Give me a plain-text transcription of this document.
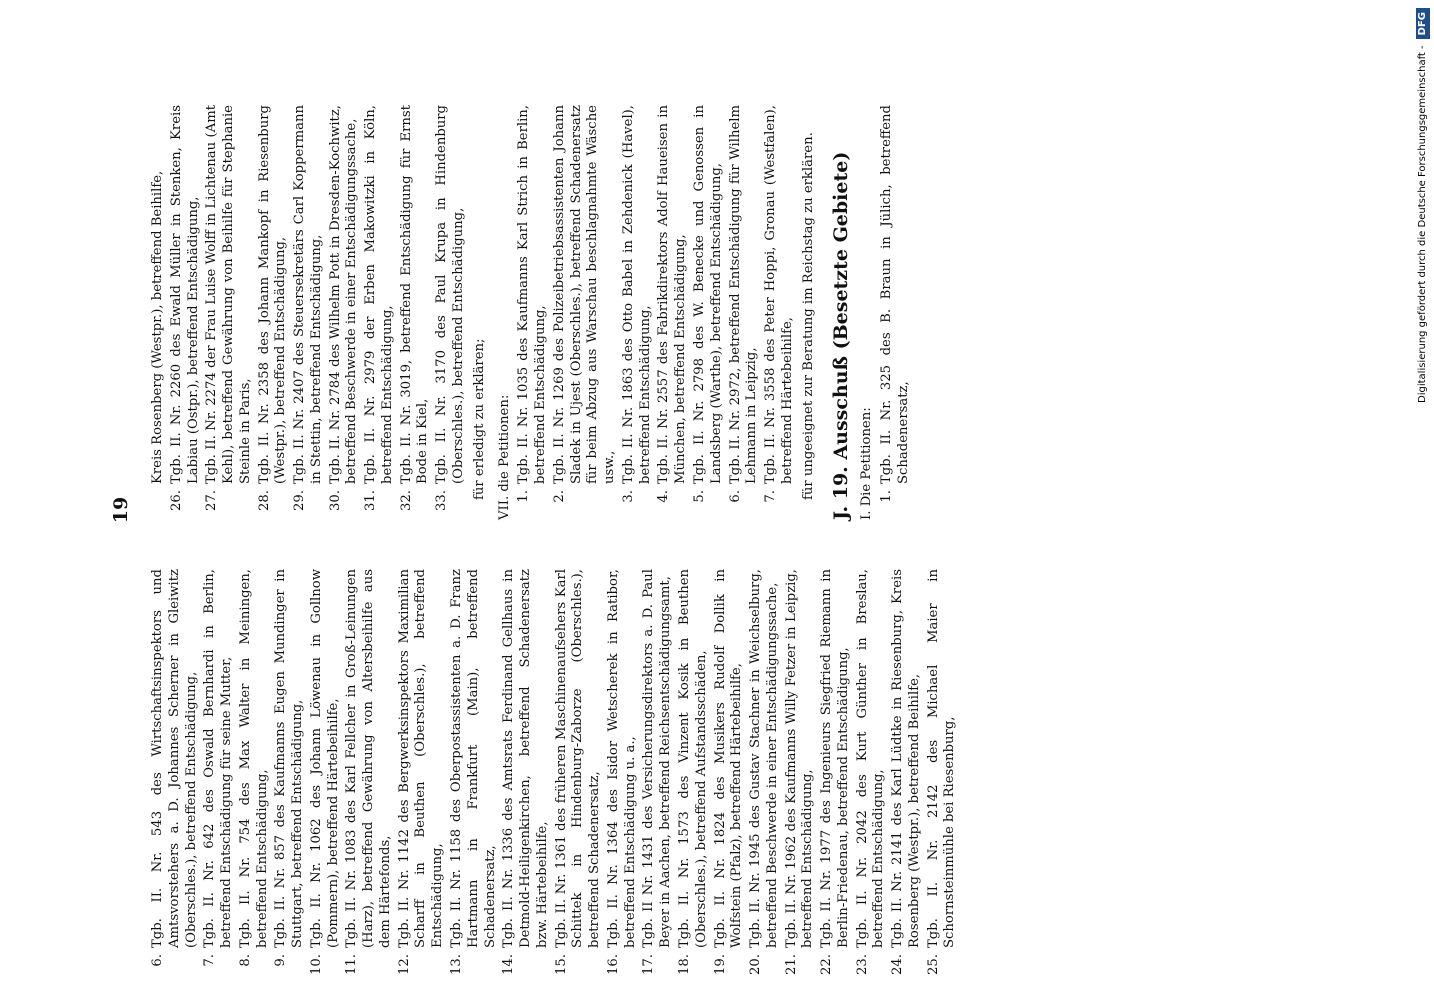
19
6.
Tgb. II. Nr. 543 des Wirtschaftsinspektors und Amtsvorstehers a. D. Johannes Scherner in Gleiwitz (Oberschles.), betreffend Entschädigung,
7.
Tgb. II. Nr. 642 des Oswald Bernhardi in Berlin, betreffend Entschädigung für seine Mutter,
8.
Tgb. II. Nr. 754 des Max Walter in Meiningen, betreffend Entschädigung,
9.
Tgb. II. Nr. 857 des Kaufmanns Eugen Mundinger in Stuttgart, betreffend Entschädigung,
10.
Tgb. II. Nr. 1062 des Johann Löwenau in Gollnow (Pommern), betreffend Härtebeihilfe,
11.
Tgb. II. Nr. 1083 des Karl Fellcher in Groß-Leinungen (Harz), betreffend Gewährung von Altersbeihilfe aus dem Härtefonds,
12.
Tgb. II. Nr. 1142 des Bergwerksinspektors Maximilian Scharff in Beuthen (Oberschles.), betreffend Entschädigung,
13.
Tgb. II. Nr. 1158 des Oberpostassistenten a. D. Franz Hartmann in Frankfurt (Main), betreffend Schadenersatz,
14.
Tgb. II. Nr. 1336 des Amtsrats Ferdinand Gellhaus in Detmold-Heiligenkirchen, betreffend Schadenersatz bzw. Härtebeihilfe,
15.
Tgb. II. Nr. 1361 des früheren Maschinenaufsehers Karl Schittek in Hindenburg-Zaborze (Oberschles.), betreffend Schadenersatz,
16.
Tgb. II. Nr. 1364 des Isidor Wetscherek in Ratibor, betreffend Entschädigung u. a.,
17.
Tgb. II Nr. 1431 des Versicherungsdirektors a. D. Paul Beyer in Aachen, betreffend Reichsentschädigungsamt,
18.
Tgb. II. Nr. 1573 des Vinzent Kosik in Beuthen (Oberschles.), betreffend Aufstandsschäden,
19.
Tgb. II. Nr. 1824 des Musikers Rudolf Dollik in Wolfstein (Pfalz), betreffend Härtebeihilfe,
20.
Tgb. II. Nr. 1945 des Gustav Stachner in Weichselburg, betreffend Beschwerde in einer Entschädigungssache,
21.
Tgb. II. Nr. 1962 des Kaufmanns Willy Fetzer in Leipzig, betreffend Entschädigung,
22.
Tgb. II. Nr. 1977 des Ingenieurs Siegfried Riemann in Berlin-Friedenau, betreffend Entschädigung,
23.
Tgb. II. Nr. 2042 des Kurt Günther in Breslau, betreffend Entschädigung,
24.
Tgb. II. Nr. 2141 des Karl Lüdtke in Riesenburg, Kreis Rosenberg (Westpr.), betreffend Beihilfe,
25.
Tgb. II. Nr. 2142 des Michael Maier in Schornsteinmühle bei Riesenburg,
Kreis Rosenberg (Westpr.), betreffend Beihilfe,
26.
Tgb. II. Nr. 2260 des Ewald Müller in Stenken, Kreis Labiau (Ostpr.), betreffend Entschädigung,
27.
Tgb. II. Nr. 2274 der Frau Luise Wolff in Lichtenau (Amt Kehl), betreffend Gewährung von Beihilfe für Stephanie Steinle in Paris,
28.
Tgb. II. Nr. 2358 des Johann Mankopf in Riesenburg (Westpr.), betreffend Entschädigung,
29.
Tgb. II. Nr. 2407 des Steuersekretärs Carl Koppermann in Stettin, betreffend Entschädigung,
30.
Tgb. II. Nr. 2784 des Wilhelm Pott in Dresden-Kochwitz, betreffend Beschwerde in einer Entschädigungssache,
31.
Tgb. II. Nr. 2979 der Erben Makowitzki in Köln, betreffend Entschädigung,
32.
Tgb. II. Nr. 3019, betreffend Entschädigung für Ernst Bode in Kiel,
33.
Tgb. II. Nr. 3170 des Paul Krupa in Hindenburg (Oberschles.), betreffend Entschädigung, für erledigt zu erklären; VII. die Petitionen: 1.
Tgb. II. Nr. 1035 des Kaufmanns Karl Strich in Berlin, betreffend Entschädigung,
2.
Tgb. II. Nr. 1269 des Polizeibetriebsassistenten Johann Sladek in Ujest (Oberschles.), betreffend Schadenersatz für beim Abzug aus Warschau beschlagnahmte Wäsche usw.,
3.
Tgb. II. Nr. 1863 des Otto Babel in Zehdenick (Havel), betreffend Entschädigung,
4.
Tgb. II. Nr. 2557 des Fabrikdirektors Adolf Haueisen in München, betreffend Entschädigung,
5.
Tgb. II. Nr. 2798 des W. Benecke und Genossen in Landsberg (Warthe), betreffend Entschädigung,
6.
Tgb. II. Nr. 2972, betreffend Entschädigung für Wilhelm Lehmann in Leipzig,
7.
Tgb. II. Nr. 3558 des Peter Hoppi, Gronau (Westfalen), betreffend Härtebeihilfe, für ungeeignet zur Beratung im Reichstag zu erklären. J. 19. Ausschuß (Besetzte Gebiete) I. Die Petitionen: 1.
Tgb. II. Nr. 325 des B. Braun in Jülich, betreffend Schadenersatz,
Digitalisierung gefördert durch die Deutsche Forschungsgemeinschaft -DFG
